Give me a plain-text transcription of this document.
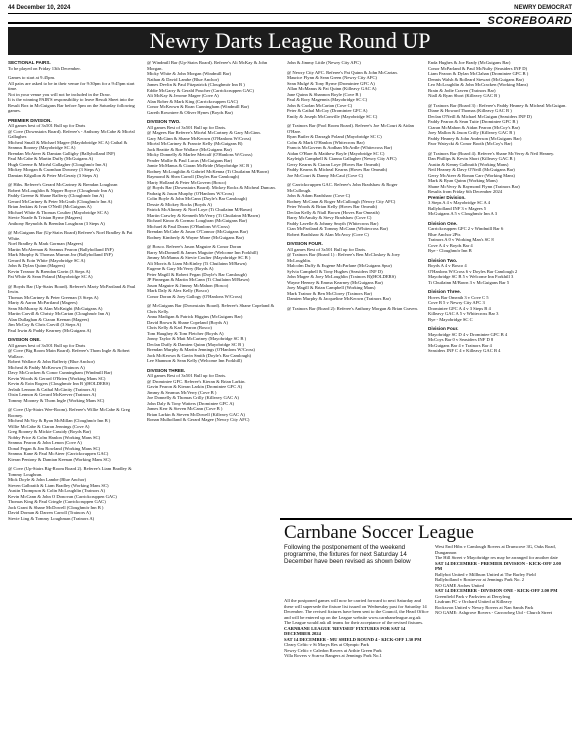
44 December 10, 2024	NEWRY DEMOCRAT
SCOREBOARD
Newry Darts League Round UP

SECTIONAL PAIRS.

To be played on Friday 13th December.

Games to start at 9.45pm.

All pairs are asked to be in their venue for 9:30pm for a 9:45pm start time.

Not in your venue you will not be included in the Draw.

It is the winning PAIR'S responsibility to leave Result Sheet into the Result Box in McGuigans Bar before 5pm on the Saturday following games.

PREMIER DIVISION.

All games best of 3x501 Bull up for Darts

@ Cove (Downstairs Board). Referee's - Anthony McCabe & Micéal Gallagher.

Micheal Small & Michael Magee (Maydobridge SC A) Cathal & Seamus Rooney (Mayobridge SC A)

Brendan McAteer & Damian Gallighy (Ballyholland INF)

Paul McCabe & Martin Duffy (McGuigans A)

Hugh Greene & Micéal Gallagher (Cloughmór Inn A)

Mickey Morgan & Caomhan Downey (3 Steps A)

Damian Kilgallon & Peter McGeraty (3 Steps A)

@ Hibs. Referee's Gerard McCartney & Brendan Loughran

Robert McLoughlin & Nipper Boyce (Cloughmór Inn A)

Paddy Greene & Shane Rafferty (Cloughmór Inn A)

Gerard McCartney & Peter McGrath (Cloughmór Inn A)

Brian Jenkins & Ivan O'Neill (McGuigans A)

Michael White & Thomas Coulter (Mayobridge SC A)

Stevie Noade & Tristan Byrne (Magees)

Anthony Reynolds & Brendan Loughran (3 Steps A)

@ McGuigans Bar (Up-Stairs Board) Referee's Noel Bradley & Pat White.

Noel Bradley & Mark Gorman (Magees)

Martin McAleenan & Seamus Fearon (Ballyholland INF)

Mark Murphy & Thomas Murran Jnr (Ballyholland INF)

Gerard & Eoin White (Mayobridge SC A)

John & Dylan Quinn (Magees)

Kevin Treanor & Brendan Gavin (3 Steps A)

Pat White & Sean Poland (Mayobridge SC A)

@ Boyds Bar (Up-Stairs Board). Referee's Marty McPartland & Paul Irwin.

Thomas McCartney & Peter Greenan (3 Steps A)

Marty & Aaron McPartland (Magees)

Sean McMurray & Alan McKnight (McGuigans A)

Martin Carvill & Christy McCartan (Cloughmór Inn A)

Alan Dullaghan & Ciaran Keenan (Magees)

Jim McCoy & Chris Carvill (3 Steps A)

Paul Irwin & Paddy Kearney (McGuigans A)

DIVISION ONE.

All games best of 3x501 Bull up for Darts

@ Cove (Big Room Main Board). Referee's Thom Ingle & Robert Wallace.

Robert Wallace & John Rafferty (Blue Anchor)

Micheal & Paddy McKeown (Trainors A)

Davy McCracken & Conor Cunningham (Windmill Bar)

Kevin Woods & Gerard O'Brien (Working Mans SC)

Kevin & Eoin Rogers (Cloughmór Inn B )(HOLDERS)

Jerlath Lennon & Cathal McGinity (Trainors A)

Oisin Lennon & Gerard McKeever (Trainors A)

Tommy Mooney & Thom Ingle (Working Mans SC)

@ Cove (Up-Stairs Wee-Room). Referee's Willie McCabe & Greg Rooney.

Micheal McVoy & Ryan McMillan (Cloughmór Inn B )

Willie McCabe & Ciaran Jennings (Cove A)

Greg Rooney & Mickie Cassidy (Boyds Bar)

Nobby Price & Colm Hanlon (Working Mans SC)

Seamus Fearon & John Lenon (Cove A)

Donal Fegan & Jim Rowland (Working Mans SC)

Seamus Kane & Paul McAteer (Carrickcruppen GAC)

Kieran Pentony & Damian Keenan (Working Mans SC)

@ Cove (Up-Stairs Big-Room Board 2). Referee's Liam Bradley & Tommy Loughran.

Mick Doyle & John Lambe (Blue Anchor)

Steven Galbraith & Liam Bradley (Working Mans SC)

Austin Thompson & Colin McLoughlin (Trainors A)

Kevin McCann & John O Donovan (Carrickcruppen GAC)

Thomas King & Paul Cringle (Carrickcruppen GAC)

Jack Grant & Shane McDowell (Cloughmór Inn B )

David Dornan & Darren Carroll (Trainors A)

Stevie Ling & Tommy Loughman (Trainors A)

@ Windmill Bar (Up-Stairs Board). Referee's Ali McKay & John Morgan.

Micky White & John Morgan (Windmill Bar)

Nathan & David Lambe (Blue Anchor)

James Devlin & Paul Fitzpatrick (Cloughmór Inn B )

Eddie McGarry & Gerald Poucher (Carrickcruppen GAC)

Ali McKay & Jerome Magee (Cove A)

Alan Rober & Mark King (Carrickcruppen GAC)

Conor McKeown & Roan Cunningham (Windmill Bar)

Gareth Rowntree & Oliver Hynes (Boyds Bar)

DIVISION TWO.

All games Best of 3x501 Bull up for Darts.

@ Magees Bar Referee's Micéal McCartney & Gary McGinn.

Gary McGinn & Shane McKeown (O'Hanlons W/Cross)

Micéal McCartney & Francie Kelly (McGuigans B)

Jack Beattie & Roe Wallace (McGuigans Bar)

Micky Donnelly & Marlee Metcalf (O'Hanlons W/Cross)

Peader Mallie & Paul Lucas (McGuigans Bar)

Jamie McManus & Ciaran McBride (Mayobridge SC B )

Rodney McLoughlin & Gabriel McKenna (Ti Chuilainn M/Bawn)

Raymond & Shea Carroll (Doyles Bar Camlough)

Marty Holland & Peter McGovern (Bosco)

@ Boyds Bar (Downstairs Board). Mickey Rocks & Micheal Duncan.

Padraig & Jason Murphy (O'Hanlons W/Cross)

Colin Boyle & John McCann (Doyle's Bar Camlough)

Dessie & Mickey Rocks (Boyds A)

Patrick McAlinney & Noel Loye (Ti Chuilainn M/Bawn)

Martin Crawley & Kenneth McVerry (Ti Chuilainn M/Bawn)

Richard Kinoo & Cormac Loughran (McGuigans Bar)

Michael & Paul Doran (O'Hanlons W/Cross)

Brendan McCabe & Jason O'Connor (McGuigans Bar)

Rodney Kimberly & Wayne Mone (McGuigans Bar)

@ Bosco. Referee's Jason Maguire & Conor Doran

Barry McDonnell & James Maguire (Welcome Inn Forkhill)

Jimmy McManus & Stevie Coulter (Mayobridge SC B )

Ali Morris & Liam McKinley (Ti Chuilainn M/Bawn)

Eugene & Gary McVerry (Boyds A)

Peter Magill & Robert Fegan (Doyle's Bar Camlough)

JP Finnegan & Martin McCann (Ti Chuilainn M/Bawn)

Jason Maguire & Jimmy McMahon (Bosco)

Mark Daly & Alex Kelly (Bosco)

Conor Doran & Joey Gallogy (O'Hanlons W/Cross)

@ McGuigans Bar (Downstairs Board). Referee's Shane Copeland & Chris Kelly.

Anna Madigan & Patrick Higgins (McGuigans Bar)

David Brown & Shane Copeland (Boyds A)

Chris Kelly & Karl Fearon (Bosco)

Tom Haughey & Tom Fletcher (Boyds A)

Jonny Taylor & Matt McCartney (Mayobridge SC B )

Declan Duffy & Damien Quinn (Mayobridge SC B )

Brendan Murphy & Martin Jennings (O'Hanlons W/Cross)

Jack McKeown & Gavin Smith (Doyle's Bar Camlough)

Lee Shannon & Sean Kelly (Welcome Inn Forkhill)

DIVISION THREE.

All games Best of 3x501 Bull up for Darts.

@ Dromintee GFC. Referee's Kieran & Brian Larkin.

Gavin Fearon & Kieran Larkin (Dromintee GFC A)

Jimmy & Seamus McVerry (Cove B )

Joe Donnelly & Thomas Crilly (Killeavy GAC A)

John Daly & Tony Watters (Dromintee GFC A)

James Kerr & Steven McCann (Cove B )

Brian Larkin & Steven McDowell (Killeavy GAC A)

Ronan Mulholland & Gerard Magee (Newry City AFC)

John & Jimmy Little (Newry City AFC)

@ Newry City AFC. Referee's Pat Quinn & John McCartan.

Maurice Flynn & Sean Green (Newry City AFC)

Sean Mulgé & Tony Byrne (Dromintee GFC A)

Allan McManus & Pat Quinn (Killeavy GAC A)

Jane Quinn & Shannon Boyle (Cove B )

Paul & Rory Magennis (Mayobridge SC C)

John & Caolan McCartan (Cove C)

Peter & Cathal McCoy (Dromintee GFC A)

Emily & Joseph McConville (Mayobridge SC C)

@ Trainors Bar (Pool Room Board). Referee's Joe McCourt & Aidan O'Hare.

Ryan Butler & Darragh Poland (Mayobridge SC C)

Colm & Mark O'Hanlon (Whitecross Bar)

Francis McGovern & Aodhan McArdle (Whitecross Bar)

Aidan O'Hare & Matthew Boyle (Mayobridge SC C)

Kayleigh Campbell & Cianna Gallagher (Newry City AFC)

Gerry Kearns & Ciaran Loye (Hoves Bar Omeath)

Paddy Kearns & Micheal Kearns (Hoves Bar Omeath)

Joe McCourt & Danny McCaul (Cove C)

@ Carrickcruppen GAC. Referee's John Bradshaw & Roger McCullough.

John & Adam Bradshaw (Cove C)

Rodney McCann & Roger McCullough (Newry City AFC)

Peter Woods & Brian Kelly (Hoves Bar Omeath)

Declan Kelly & Niall Brown (Hoves Bar Omeath)

Barry McAnulty & Stevy Bradshaw (Cove C)

Paddy Lavelle & Johnny Smyth (Whitecross Bar)

Cian McPartland & Tommy McCann (Whitecross Bar)

Robert Bradshaw & Alan McAvoy (Cove C)

DIVISION FOUR.

All games Best of 3x501 Bull up for Darts.

@ Trainors Bar (Board 1) : Referee's Ben McCloskey & Joey McLoughlin.

Malcolm Duffy & Eugene McParlane (McGuigans Spur)

Sylvia Campbell & Tony Hughes (Seasiders INF D)

John Magee & Joey McLoughlin (Trainors B)(HOLDERS)

Wayne Heeney & Emma Kearney (McGuigans Bar)

Joey Magill & Brian Campbell (Working Mans)

Mark Trainor & Ben McClorey (Trainors Bar)

Damien Murphy & Jacqueline McKeown (Trainors Bar)

@ Trainors Bar (Board 2): Referee's Anthony Morgan & Brian Craven.

Enda Hughes & Joe Brady (McGuigans Bar)

Conor McParland & Paul McNulty (Seasiders INF D)

Liam Fearon & Dylan McClahan (Dromintee GFC B )

Dennis Walsh & Rolleard Stewart (McGuigans Bar)

Leo McLoughlin & John McCracken (Working Mans)

Brain & Jodie Craven (Trainors Bar)

Niall & Ryan Short (Killeavy GAC B )

@ Trainors Bar (Board 3) : Referee's Paddy Heaney & Micheal McGuigan.

Diane & Howard Thomas (Killeavy GAC B )

Declan O'Neill & Michael McGuigan (Seasiders INF D)

Paddy Fearon & Sean Tuite (Dromintee GFC B )

Ciaran McMahon & Aidan Fearon (McCoy's Bar)

Joey Mallon & Jason Crilly (Killeavy GAC B )

Paddy Heaney & John Anderson (McGuigans Bar)

Paor Watrycki & Conor Booth (McCoy's Bar)

@ Trainors Bar (Board 4). Referee's Shane McVerry & Neil Heaney.

Dan Phillips & Kevin Short (Killeavy GAC B )

Austin & Kenny Galbraith (Working Mans)

Neil Heaney & Davy O'Neill (McGuigans Bar)

Gerry McAteer & Ronan Carr (Working Mans)

Mark & Ryan Quinn (Working Mans)

Shane McVerry & Raymond Flynn (Trainors Bar)

Results from Friday 6th December 2024

Premier Division.

3 Steps A 4 v Mayobridge SC A 4

Ballyholland INF 3 v Magees 5

McGuigans A 5 v Cloughmór Inn A 3

Division One.

Carrickcruppen GFC 2 v Windmill Bar 6

Blue Anchor 2Pts

Trainors A 0 v Working Man's SC 8

Cove A 4 v Boyds Bar 4

Bye - Cloughmór Inn B

Division Two.

Boyds A 4 v Bosco 4

O'Hanlons W/Cross 6 v Doyles Bar Camlough 2

Mayobridge SC B 5 v Welcome Inn Forkhill 3

Ti Chuilainn M/Bawn 3 v McGuigans Bar 5

Division Three.

Hoves Bar Omeath 3 v Cove C 5

Cove B 5 v Newry City AFC 3

Dromintee GFC A 4 v 3 Steps B 4

Killeavy GAC A 5 v Whitecross Bar 3

Bye - Mayobridge SC C

Division Four.

Mayobridge SC D 4 v Dromintee GFC B 4

McCoys Bar 0 v Seasiders INF D 8

McGuigans Bar 4 v Trainors Bar 4

Seasiders INF C 4 v Killeavy GAC B 4

Carnbane Soccer League
Following the postponement of the weekend programme, the fixtures for next Saturday 14 December have been revised as shown below

All the postponed games will now be carried forward to next Saturday and these will supersede the fixture list issued on Wednesday past for Saturday 14 December. The revised fixtures have been sent to the Council, the Head Office and will be entered up on the League website www.carnbaneleague.org.uk

The League would ask all teams for their acceptance of the revised fixtures.

CARNBANE LEAGUE 'REVISED' FIXTURES FOR SAT 14 DECEMBER 2024

SAT 14 DECEMBER - MU SHIELD ROUND 4 - KICK-OFF 1.30 PM

Cleary Celtic v St Marys Res at Olympic Park

Newry Celtic v Caledon Rovers at Arthie Green Park

Villa Rovers v Scarva Rangers at Jennings Park No.1

West End Hibs v Camlough Rovers at Drumcove 3G, Oaks Road, Dungannon

The Hill Street v Mayobridge res may be arranged for another date

SAT 14 DECEMBER - PREMIER DIVISION - KICK-OFF 2.00 PM

Ballybot United v Millburn United at The Barley Field

Ballyholland v Rostrevor at Jennings Park No. 2

NO GAME Arches United

SAT 14 DECEMBER - DIVISION ONE - KICK-OFF 2.00 PM

Greenfield Park v Parkview at Derryleag

Lisdrum FC v Orchard United at Killeavy

Rocksvon United v Newry Rovers at Nan Sands Park

NO GAME: Ashgrove Rovers - Carrowbeg Utd - Church Street
